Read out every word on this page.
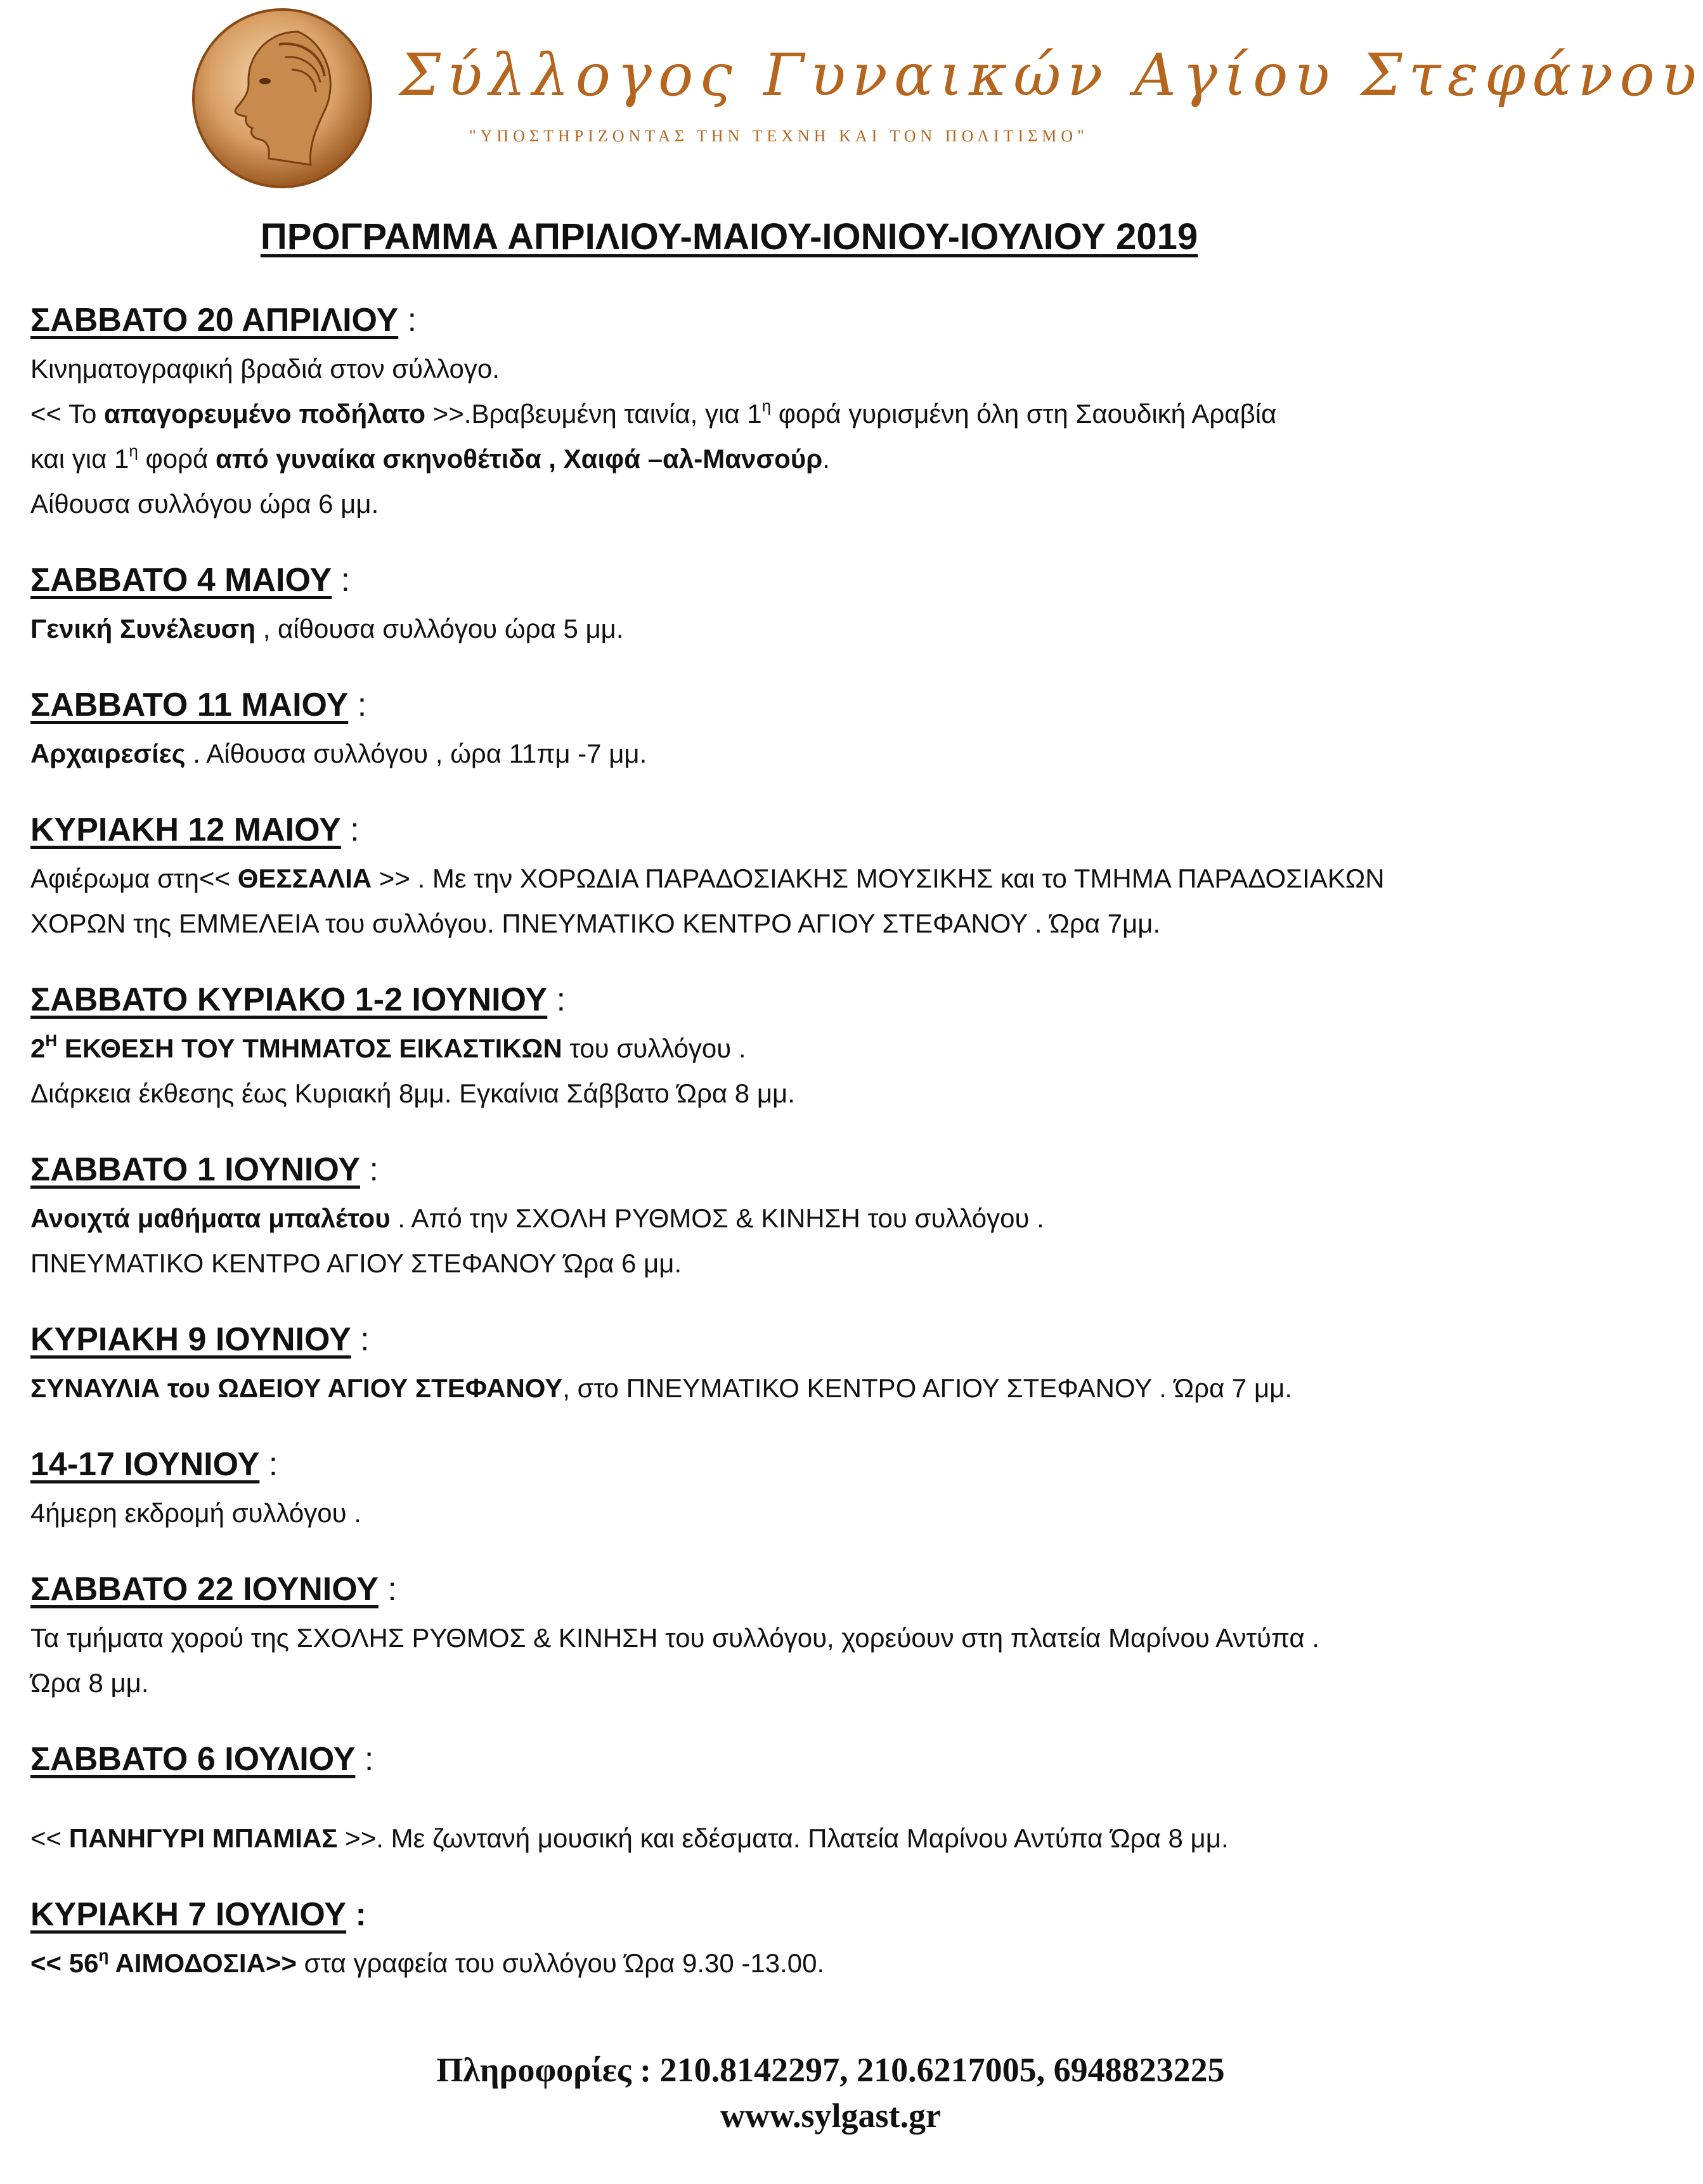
Σύλλογος Γυναικών Αγίου Στεφάνου
"ΥΠΟΣΤΗΡΙΖΟΝΤΑΣ ΤΗΝ ΤΕΧΝΗ ΚΑΙ ΤΟΝ ΠΟΛΙΤΙΣΜΟ"
ΠΡΟΓΡΑΜΜΑ ΑΠΡΙΛΙΟΥ-ΜΑΙΟΥ-ΙΟΝΙΟΥ-ΙΟΥΛΙΟΥ 2019
ΣΑΒΒΑΤΟ 20 ΑΠΡΙΛΙΟΥ :
Κινηματογραφική βραδιά στον σύλλογο.
<< Το απαγορευμένο ποδήλατο >>.Βραβευμένη ταινία, για $1^\eta$ φορά γυρισμένη όλη στη Σαουδική Αραβία
και για $1^\eta$ φορά από γυναίκα σκηνοθέτιδα , Χαιφά –αλ-Μανσούρ.
Αίθουσα συλλόγου ώρα 6 μμ.
ΣΑΒΒΑΤΟ 4 ΜΑΙΟΥ :
Γενική Συνέλευση , αίθουσα συλλόγου ώρα 5 μμ.
ΣΑΒΒΑΤΟ 11 ΜΑΙΟΥ :
Αρχαιρεσίες . Αίθουσα συλλόγου , ώρα 11πμ -7 μμ.
ΚΥΡΙΑΚΗ 12 ΜΑΙΟΥ :
Αφιέρωμα στη<< ΘΕΣΣΑΛΙΑ >> . Με την ΧΟΡΩΔΙΑ ΠΑΡΑΔΟΣΙΑΚΗΣ ΜΟΥΣΙΚΗΣ και το ΤΜΗΜΑ ΠΑΡΑΔΟΣΙΑΚΩΝ
ΧΟΡΩΝ της ΕΜΜΕΛΕΙΑ του συλλόγου. ΠΝΕΥΜΑΤΙΚΟ ΚΕΝΤΡΟ ΑΓΙΟΥ ΣΤΕΦΑΝΟΥ . Ώρα 7μμ.
ΣΑΒΒΑΤΟ ΚΥΡΙΑΚΟ 1-2 ΙΟΥΝΙΟΥ :
$2^H$ ΕΚΘΕΣΗ ΤΟΥ ΤΜΗΜΑΤΟΣ ΕΙΚΑΣΤΙΚΩΝ του συλλόγου .
Διάρκεια έκθεσης έως Κυριακή 8μμ. Εγκαίνια Σάββατο Ώρα 8 μμ.
ΣΑΒΒΑΤΟ 1 ΙΟΥΝΙΟΥ :
Ανοιχτά μαθήματα μπαλέτου . Από την ΣΧΟΛΗ ΡΥΘΜΟΣ & ΚΙΝΗΣΗ του συλλόγου .
ΠΝΕΥΜΑΤΙΚΟ ΚΕΝΤΡΟ ΑΓΙΟΥ ΣΤΕΦΑΝΟΥ Ώρα 6 μμ.
ΚΥΡΙΑΚΗ 9 ΙΟΥΝΙΟΥ :
ΣΥΝΑΥΛΙΑ του ΩΔΕΙΟΥ ΑΓΙΟΥ ΣΤΕΦΑΝΟΥ, στο ΠΝΕΥΜΑΤΙΚΟ ΚΕΝΤΡΟ ΑΓΙΟΥ ΣΤΕΦΑΝΟΥ . Ώρα 7 μμ.
14-17 ΙΟΥΝΙΟΥ :
4ήμερη εκδρομή συλλόγου .
ΣΑΒΒΑΤΟ 22 ΙΟΥΝΙΟΥ :
Τα τμήματα χορού της ΣΧΟΛΗΣ ΡΥΘΜΟΣ & ΚΙΝΗΣΗ του συλλόγου, χορεύουν στη πλατεία Μαρίνου Αντύπα .
Ώρα 8 μμ.
ΣΑΒΒΑΤΟ 6 ΙΟΥΛΙΟΥ :
<< ΠΑΝΗΓΥΡΙ ΜΠΑΜΙΑΣ >>. Με ζωντανή μουσική και εδέσματα. Πλατεία Μαρίνου Αντύπα Ώρα 8 μμ.
ΚΥΡΙΑΚΗ 7 ΙΟΥΛΙΟΥ :
<< $56^\eta$ ΑΙΜΟΔΟΣΙΑ>> στα γραφεία του συλλόγου Ώρα 9.30 -13.00.
Πληροφορίες : 210.8142297, 210.6217005, 6948823225
www.sylgast.gr
